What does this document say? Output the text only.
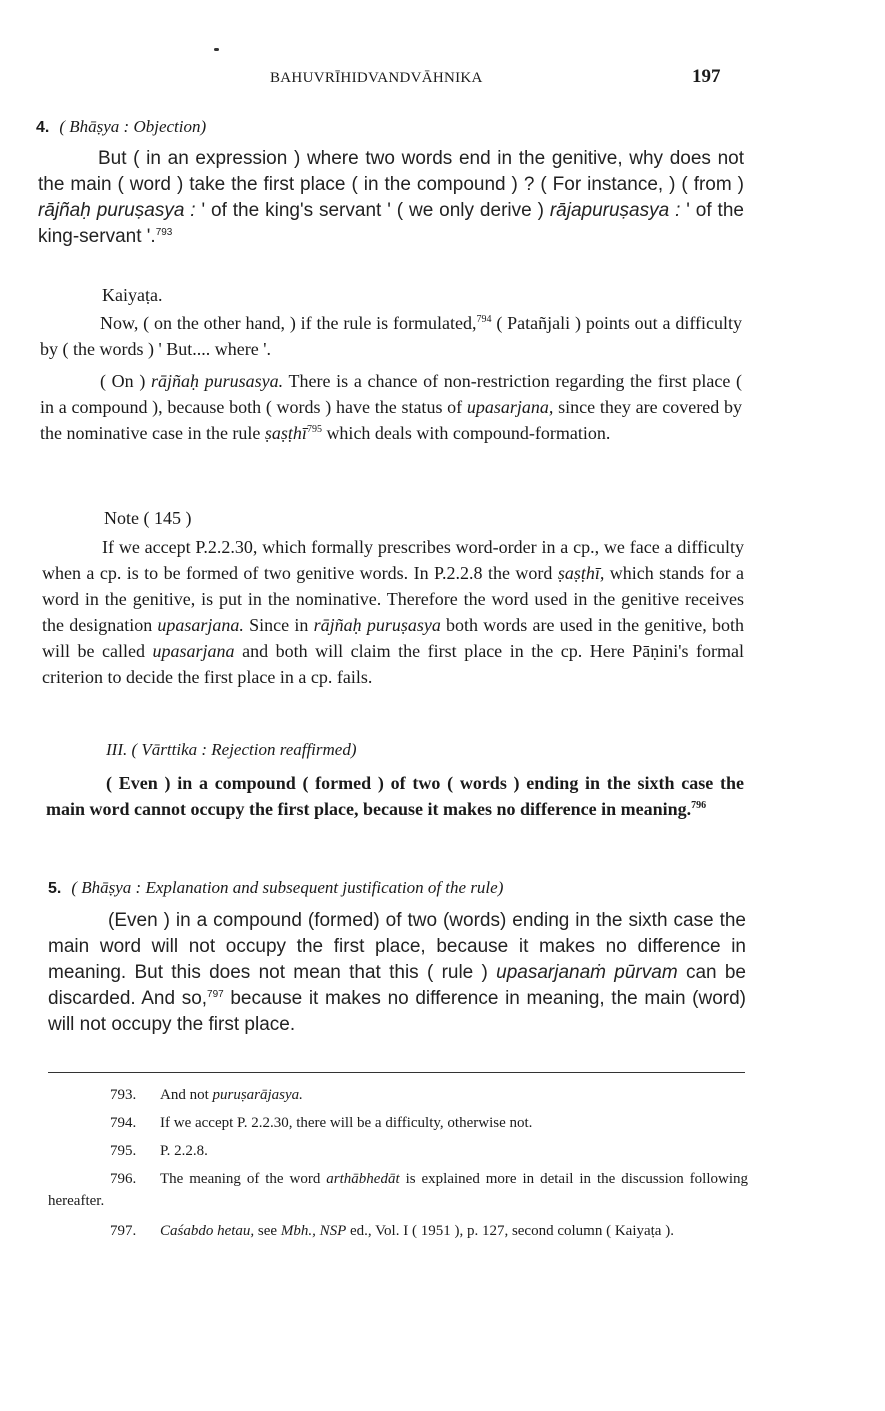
BAHUVRĪHIDVANDVĀHNIKA	197
4. ( Bhāṣya : Objection)

But ( in an expression ) where two words end in the genitive, why does not the main ( word ) take the first place ( in the compound ) ? ( For instance, ) ( from ) rājñaḥ puruṣasya : ' of the king's servant ' ( we only derive ) rājapuruṣasya : ' of the king-servant '.$^{793}$

Kaiyaṭa.

Now, ( on the other hand, ) if the rule is formulated,$^{794}$ ( Patañjali ) points out a difficulty by ( the words ) ' But.... where '.

( On ) rājñaḥ purusasya. There is a chance of non-restriction regarding the first place ( in a compound ), because both ( words ) have the status of upasarjana, since they are covered by the nominative case in the rule ṣaṣṭhī$^{795}$ which deals with compound-formation.

Note ( 145 )

If we accept P.2.2.30, which formally prescribes word-order in a cp., we face a difficulty when a cp. is to be formed of two genitive words. In P.2.2.8 the word ṣaṣṭhī, which stands for a word in the genitive, is put in the nominative. Therefore the word used in the genitive receives the designation upasarjana. Since in rājñaḥ puruṣasya both words are used in the genitive, both will be called upasarjana and both will claim the first place in the cp. Here Pāṇini's formal criterion to decide the first place in a cp. fails.

III. ( Vārttika : Rejection reaffirmed)

( Even ) in a compound ( formed ) of two ( words ) ending in the sixth case the main word cannot occupy the first place, because it makes no difference in meaning.$^{796}$

5. ( Bhāṣya : Explanation and subsequent justification of the rule)

(Even ) in a compound (formed) of two (words) ending in the sixth case the main word will not occupy the first place, because it makes no difference in meaning. But this does not mean that this ( rule ) upasarjanaṁ pūrvam can be discarded. And so,$^{797}$ because it makes no difference in meaning, the main (word) will not occupy the first place.

793. And not puruṣarājasya.
794. If we accept P. 2.2.30, there will be a difficulty, otherwise not.
795. P. 2.2.8.
796. The meaning of the word arthābhedāt is explained more in detail in the discussion following hereafter.
797. Caśabdo hetau, see Mbh., NSP ed., Vol. I ( 1951 ), p. 127, second column ( Kaiyaṭa ).
